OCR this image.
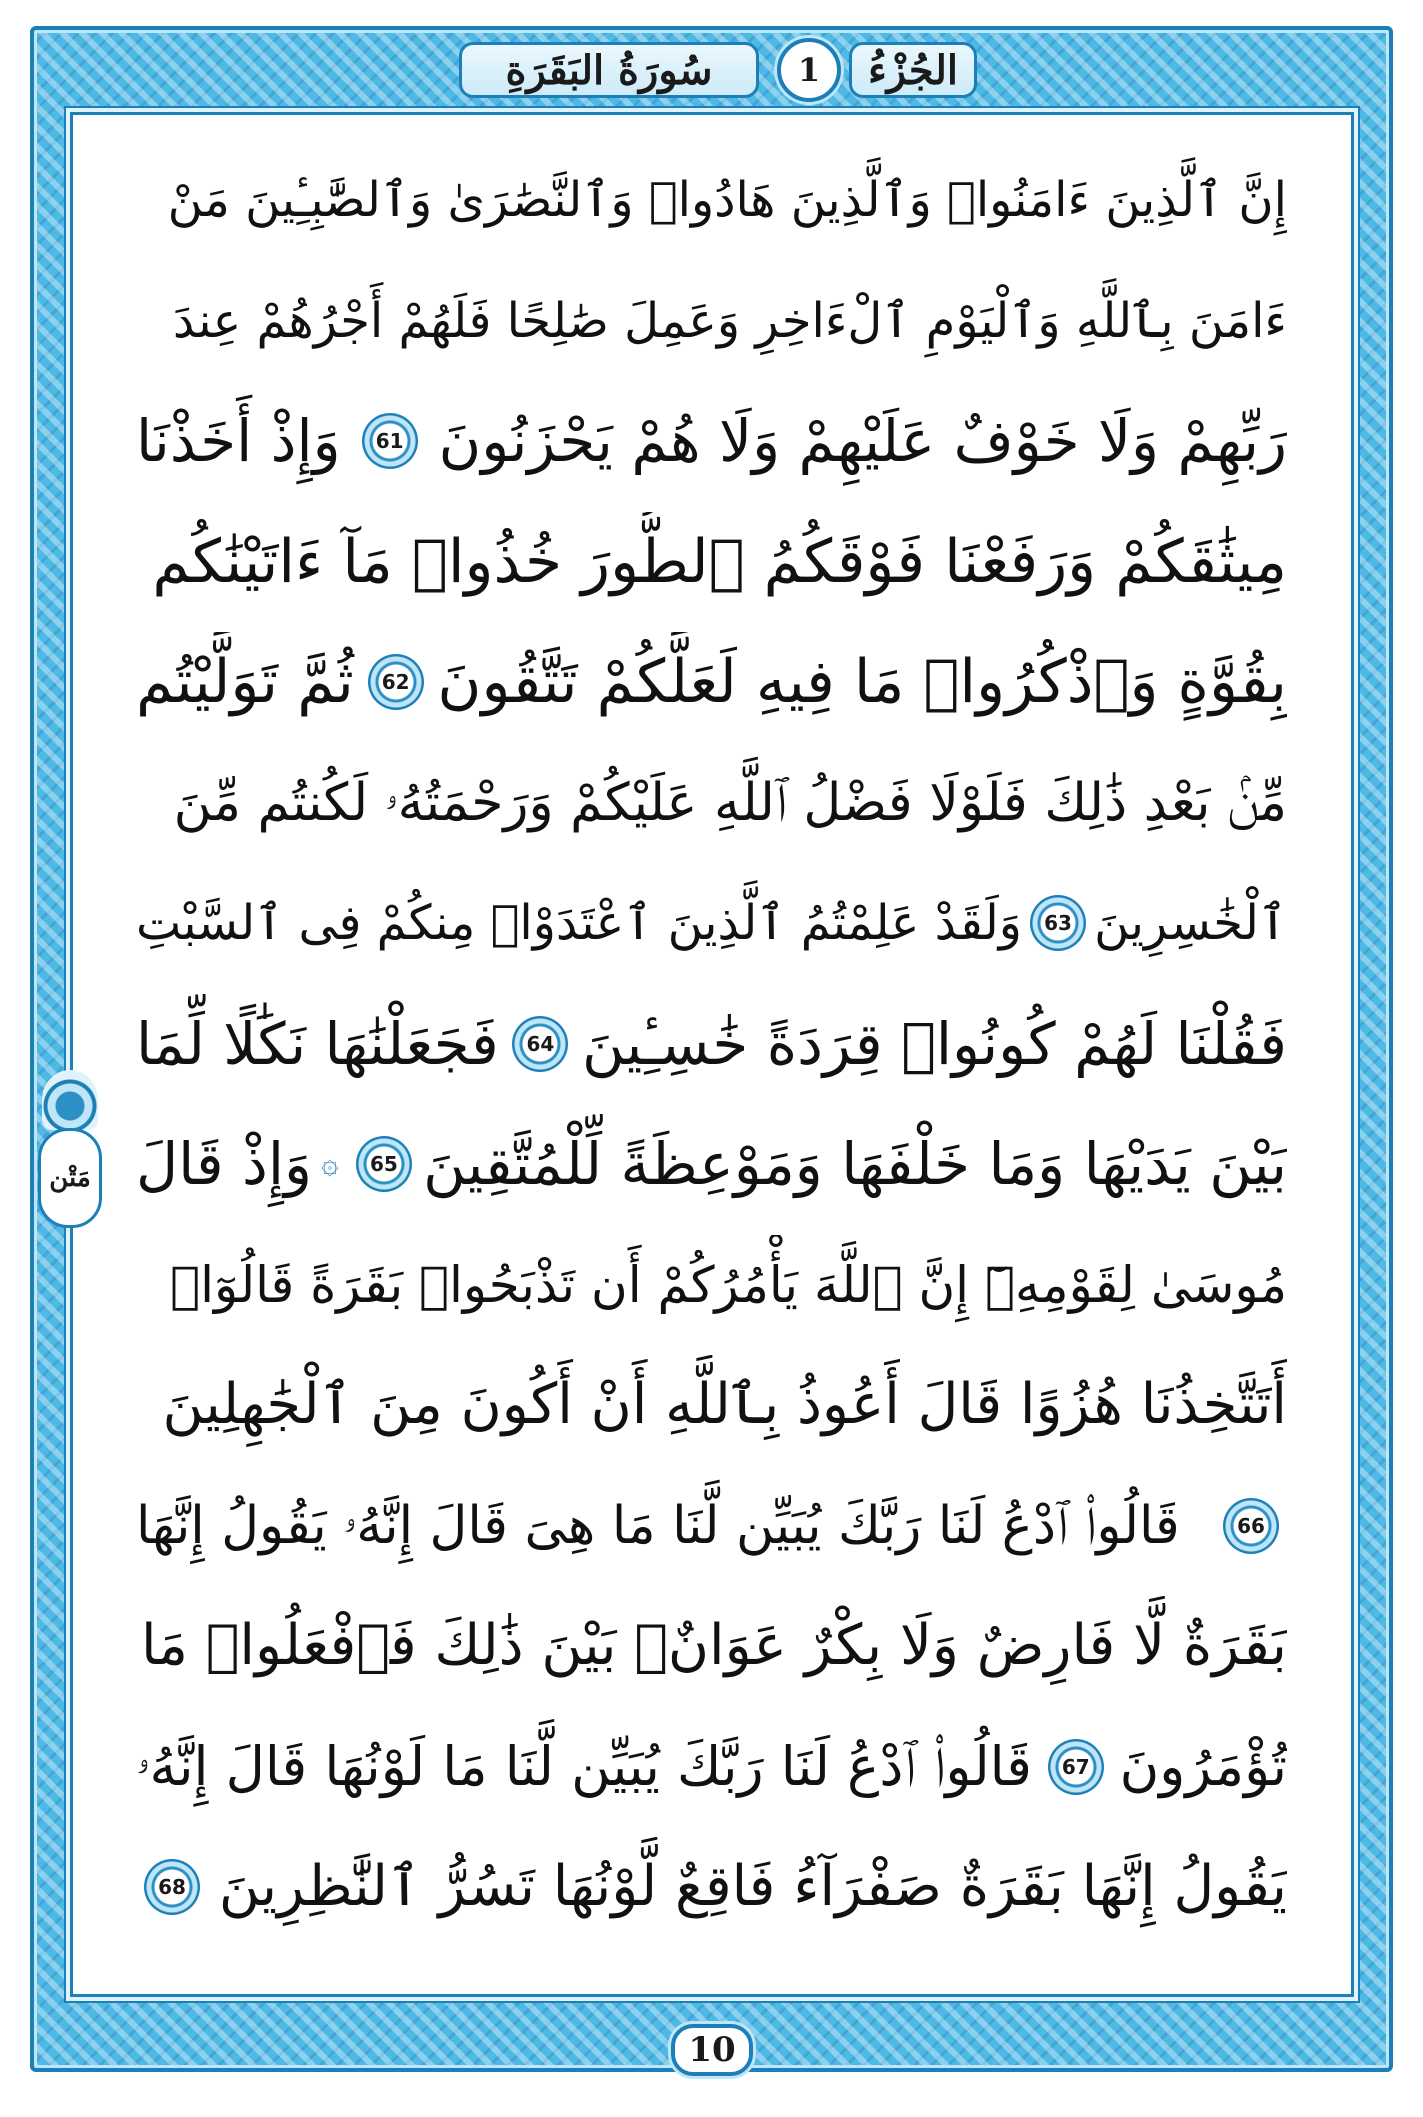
سُورَةُ البَقَرَةِ	1	الجُزْءُ
مَتْن
إِنَّ ٱلَّذِينَ ءَامَنُوا۟ وَٱلَّذِينَ هَادُوا۟ وَٱلنَّصَٰرَىٰ وَٱلصَّٰبِـِٔينَ مَنْ
ءَامَنَ بِٱللَّهِ وَٱلْيَوْمِ ٱلْءَاخِرِ وَعَمِلَ صَٰلِحًا فَلَهُمْ أَجْرُهُمْ عِندَ
رَبِّهِمْ وَلَا خَوْفٌ عَلَيْهِمْ وَلَا هُمْ يَحْزَنُونَ
61
وَإِذْ أَخَذْنَا
مِيثَٰقَكُمْ وَرَفَعْنَا فَوْقَكُمُ ٱلطُّورَ خُذُوا۟ مَآ ءَاتَيْنَٰكُم
بِقُوَّةٍ وَٱذْكُرُوا۟ مَا فِيهِ لَعَلَّكُمْ تَتَّقُونَ
62
ثُمَّ تَوَلَّيْتُم
مِّنۢ بَعْدِ ذَٰلِكَ فَلَوْلَا فَضْلُ ٱللَّهِ عَلَيْكُمْ وَرَحْمَتُهُۥ لَكُنتُم مِّنَ
ٱلْخَٰسِرِينَ
63
وَلَقَدْ عَلِمْتُمُ ٱلَّذِينَ ٱعْتَدَوْا۟ مِنكُمْ فِى ٱلسَّبْتِ
فَقُلْنَا لَهُمْ كُونُوا۟ قِرَدَةً خَٰسِـِٔينَ
64
فَجَعَلْنَٰهَا نَكَٰلًا لِّمَا
بَيْنَ يَدَيْهَا وَمَا خَلْفَهَا وَمَوْعِظَةً لِّلْمُتَّقِينَ
65
۞
وَإِذْ قَالَ
مُوسَىٰ لِقَوْمِهِۦٓ إِنَّ ٱللَّهَ يَأْمُرُكُمْ أَن تَذْبَحُوا۟ بَقَرَةً قَالُوٓا۟
أَتَتَّخِذُنَا هُزُوًا قَالَ أَعُوذُ بِٱللَّهِ أَنْ أَكُونَ مِنَ ٱلْجَٰهِلِينَ
66
قَالُوا۟ ٱدْعُ لَنَا رَبَّكَ يُبَيِّن لَّنَا مَا هِىَ قَالَ إِنَّهُۥ يَقُولُ إِنَّهَا
بَقَرَةٌ لَّا فَارِضٌ وَلَا بِكْرٌ عَوَانٌۢ بَيْنَ ذَٰلِكَ فَٱفْعَلُوا۟ مَا
تُؤْمَرُونَ
67
قَالُوا۟ ٱدْعُ لَنَا رَبَّكَ يُبَيِّن لَّنَا مَا لَوْنُهَا قَالَ إِنَّهُۥ
يَقُولُ إِنَّهَا بَقَرَةٌ صَفْرَآءُ فَاقِعٌ لَّوْنُهَا تَسُرُّ ٱلنَّٰظِرِينَ
68
10
